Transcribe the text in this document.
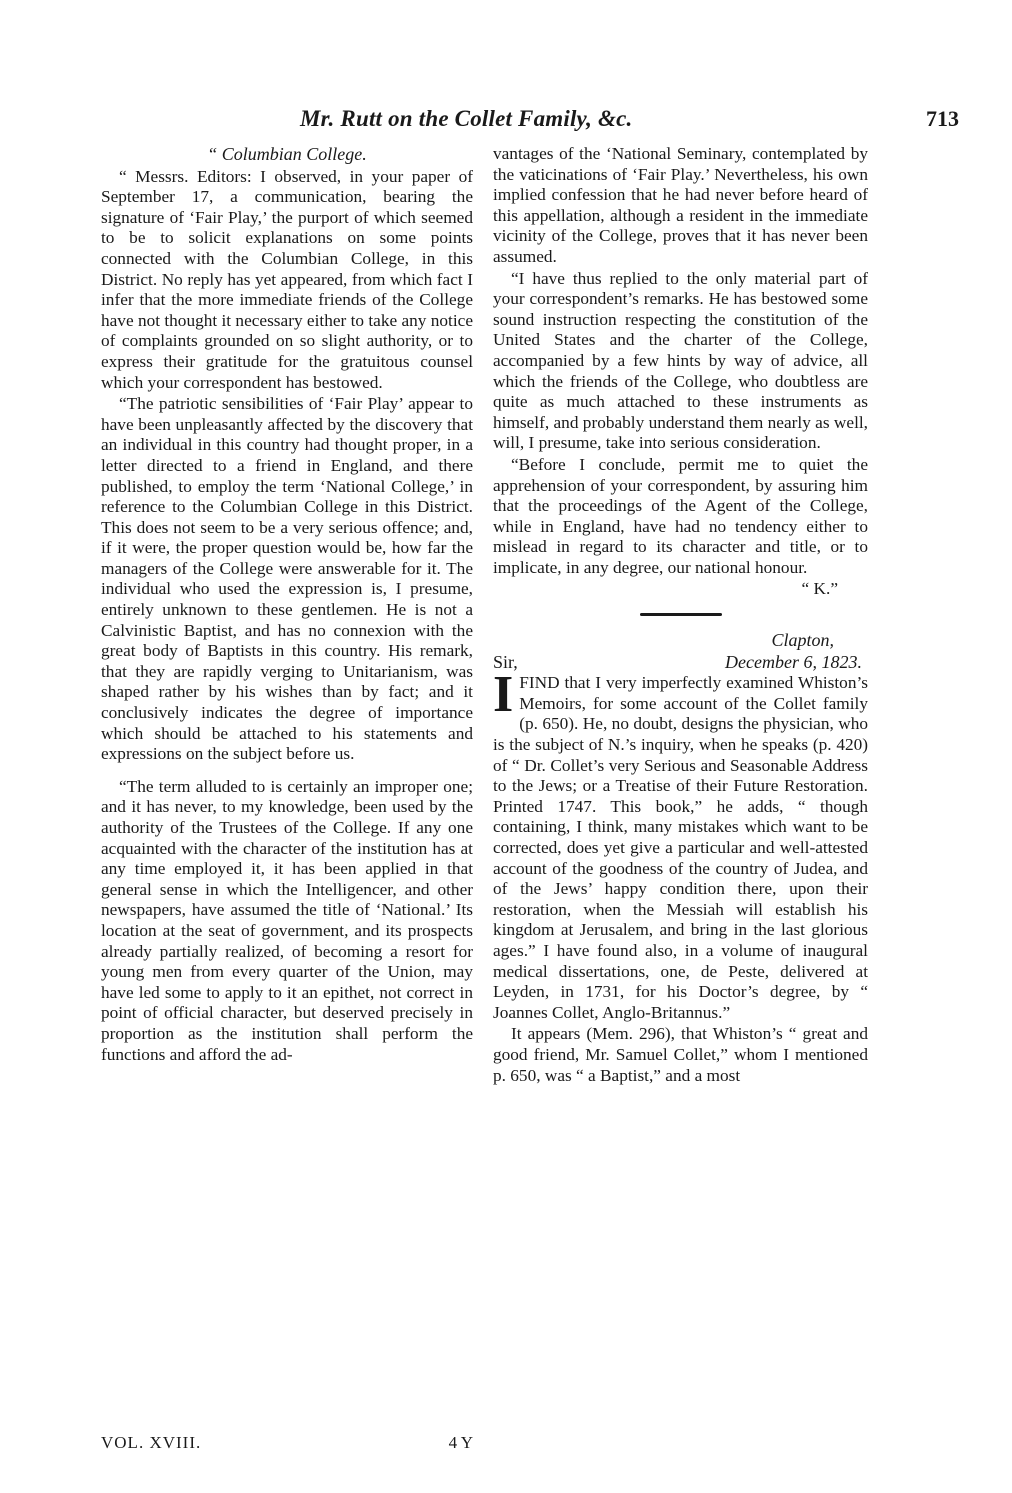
Mr. Rutt on the Collet Family, &c.	713

“ Columbian College.

“ Messrs. Editors: I observed, in your paper of September 17, a communication, bearing the signature of ‘Fair Play,’ the purport of which seemed to be to solicit explanations on some points connected with the Columbian College, in this District. No reply has yet appeared, from which fact I infer that the more immediate friends of the College have not thought it necessary either to take any notice of complaints grounded on so slight authority, or to express their gratitude for the gratuitous counsel which your correspondent has bestowed.

“The patriotic sensibilities of ‘Fair Play’ appear to have been unpleasantly affected by the discovery that an individual in this country had thought proper, in a letter directed to a friend in England, and there published, to employ the term ‘National College,’ in reference to the Columbian College in this District. This does not seem to be a very serious offence; and, if it were, the proper question would be, how far the managers of the College were answerable for it. The individual who used the expression is, I presume, entirely unknown to these gentlemen. He is not a Calvinistic Baptist, and has no connexion with the great body of Baptists in this country. His remark, that they are rapidly verging to Unitarianism, was shaped rather by his wishes than by fact; and it conclusively indicates the degree of importance which should be attached to his statements and expressions on the subject before us.

“The term alluded to is certainly an improper one; and it has never, to my knowledge, been used by the authority of the Trustees of the College. If any one acquainted with the character of the institution has at any time employed it, it has been applied in that general sense in which the Intelligencer, and other newspapers, have assumed the title of ‘National.’ Its location at the seat of government, and its prospects already partially realized, of becoming a resort for young men from every quarter of the Union, may have led some to apply to it an epithet, not correct in point of official character, but deserved precisely in proportion as the institution shall perform the functions and afford the ad-

vantages of the ‘National Seminary, contemplated by the vaticinations of ‘Fair Play.’ Nevertheless, his own implied confession that he had never before heard of this appellation, although a resident in the immediate vicinity of the College, proves that it has never been assumed.

“I have thus replied to the only material part of your correspondent’s remarks. He has bestowed some sound instruction respecting the constitution of the United States and the charter of the College, accompanied by a few hints by way of advice, all which the friends of the College, who doubtless are quite as much attached to these instruments as himself, and probably understand them nearly as well, will, I presume, take into serious consideration.

“Before I conclude, permit me to quiet the apprehension of your correspondent, by assuring him that the proceedings of the Agent of the College, while in England, have had no tendency either to mislead in regard to its character and title, or to implicate, in any degree, our national honour.

“ K.”

Clapton,

Sir,	December 6, 1823.

IFIND that I very imperfectly examined Whiston’s Memoirs, for some account of the Collet family (p. 650). He, no doubt, designs the physician, who is the subject of N.’s inquiry, when he speaks (p. 420) of “ Dr. Collet’s very Serious and Seasonable Address to the Jews; or a Treatise of their Future Restoration. Printed 1747. This book,” he adds, “ though containing, I think, many mistakes which want to be corrected, does yet give a particular and well-attested account of the goodness of the country of Judea, and of the Jews’ happy condition there, upon their restoration, when the Messiah will establish his kingdom at Jerusalem, and bring in the last glorious ages.” I have found also, in a volume of inaugural medical dissertations, one, de Peste, delivered at Leyden, in 1731, for his Doctor’s degree, by “ Joannes Collet, Anglo-Britannus.”

It appears (Mem. 296), that Whiston’s “ great and good friend, Mr. Samuel Collet,” whom I mentioned p. 650, was “ a Baptist,” and a most

VOL. XVIII.	4 Y
